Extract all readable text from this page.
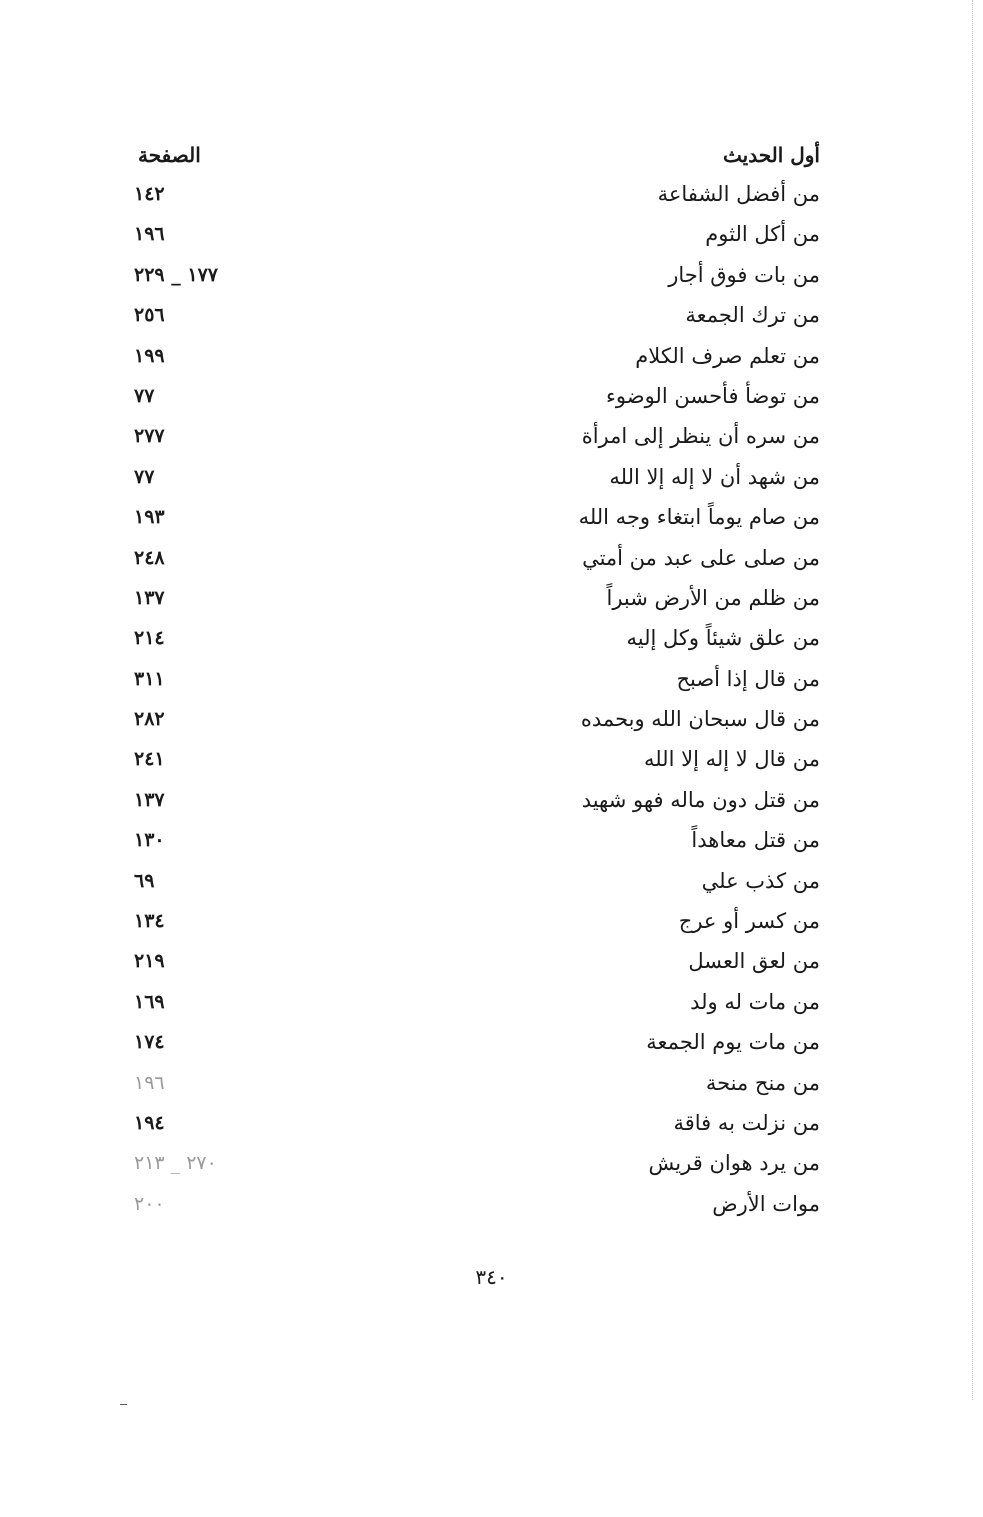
أول الحديث
الصفحة
من أفضل الشفاعة
١٤٢
من أكل الثوم
١٩٦
من بات فوق أجار
١٧٧ _ ٢٢٩
من ترك الجمعة
٢٥٦
من تعلم صرف الكلام
١٩٩
من توضأ فأحسن الوضوء
٧٧
من سره أن ينظر إلى امرأة
٢٧٧
من شهد أن لا إله إلا الله
٧٧
من صام يوماً ابتغاء وجه الله
١٩٣
من صلى على عبد من أمتي
٢٤٨
من ظلم من الأرض شبراً
١٣٧
من علق شيئاً وكل إليه
٢١٤
من قال إذا أصبح
٣١١
من قال سبحان الله وبحمده
٢٨٢
من قال لا إله إلا الله
٢٤١
من قتل دون ماله فهو شهيد
١٣٧
من قتل معاهداً
١٣٠
من كذب علي
٦٩
من كسر أو عرج
١٣٤
من لعق العسل
٢١٩
من مات له ولد
١٦٩
من مات يوم الجمعة
١٧٤
من منح منحة
١٩٦
من نزلت به فاقة
١٩٤
من يرد هوان قريش
٢٧٠ _ ٢١٣
موات الأرض
٢٠٠
٣٤٠
